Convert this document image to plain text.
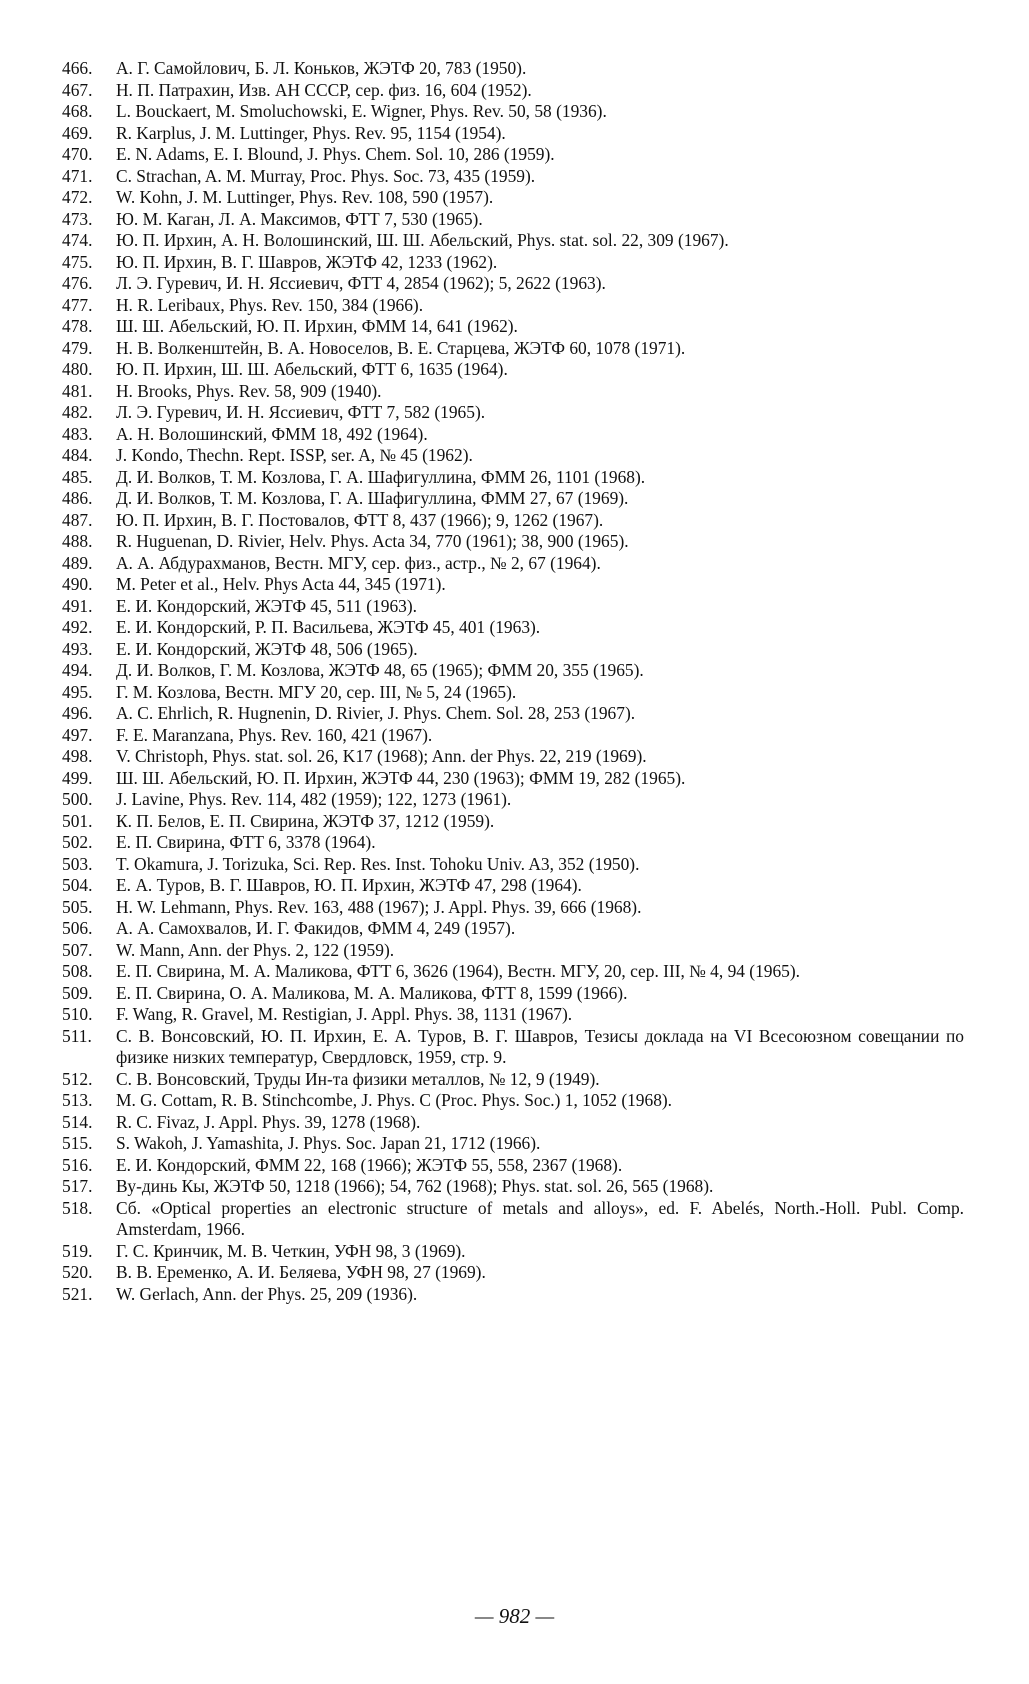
466.	А. Г. Самойлович, Б. Л. Коньков, ЖЭТФ 20, 783 (1950).
467.	Н. П. Патрахин, Изв. АН СССР, сер. физ. 16, 604 (1952).
468.	L. Bouckaert, M. Smoluchowski, E. Wigner, Phys. Rev. 50, 58 (1936).
469.	R. Karplus, J. M. Luttinger, Phys. Rev. 95, 1154 (1954).
470.	E. N. Adams, E. I. Blound, J. Phys. Chem. Sol. 10, 286 (1959).
471.	C. Strachan, A. M. Murray, Proc. Phys. Soc. 73, 435 (1959).
472.	W. Kohn, J. M. Luttinger, Phys. Rev. 108, 590 (1957).
473.	Ю. М. Каган, Л. А. Максимов, ФТТ 7, 530 (1965).
474.	Ю. П. Ирхин, А. Н. Волошинский, Ш. Ш. Абельский, Phys. stat. sol. 22, 309 (1967).
475.	Ю. П. Ирхин, В. Г. Шавров, ЖЭТФ 42, 1233 (1962).
476.	Л. Э. Гуревич, И. Н. Яссиевич, ФТТ 4, 2854 (1962); 5, 2622 (1963).
477.	H. R. Leribaux, Phys. Rev. 150, 384 (1966).
478.	Ш. Ш. Абельский, Ю. П. Ирхин, ФММ 14, 641 (1962).
479.	Н. В. Волкенштейн, В. А. Новоселов, В. Е. Старцева, ЖЭТФ 60, 1078 (1971).
480.	Ю. П. Ирхин, Ш. Ш. Абельский, ФТТ 6, 1635 (1964).
481.	H. Brooks, Phys. Rev. 58, 909 (1940).
482.	Л. Э. Гуревич, И. Н. Яссиевич, ФТТ 7, 582 (1965).
483.	А. Н. Волошинский, ФММ 18, 492 (1964).
484.	J. Kondo, Thechn. Rept. ISSP, ser. A, № 45 (1962).
485.	Д. И. Волков, Т. М. Козлова, Г. А. Шафигуллина, ФММ 26, 1101 (1968).
486.	Д. И. Волков, Т. М. Козлова, Г. А. Шафигуллина, ФММ 27, 67 (1969).
487.	Ю. П. Ирхин, В. Г. Постовалов, ФТТ 8, 437 (1966); 9, 1262 (1967).
488.	R. Huguenan, D. Rivier, Helv. Phys. Acta 34, 770 (1961); 38, 900 (1965).
489.	А. А. Абдурахманов, Вестн. МГУ, сер. физ., астр., № 2, 67 (1964).
490.	M. Peter et al., Helv. Phys Acta 44, 345 (1971).
491.	Е. И. Кондорский, ЖЭТФ 45, 511 (1963).
492.	Е. И. Кондорский, Р. П. Васильева, ЖЭТФ 45, 401 (1963).
493.	Е. И. Кондорский, ЖЭТФ 48, 506 (1965).
494.	Д. И. Волков, Г. М. Козлова, ЖЭТФ 48, 65 (1965); ФММ 20, 355 (1965).
495.	Г. М. Козлова, Вестн. МГУ 20, сер. III, № 5, 24 (1965).
496.	A. C. Ehrlich, R. Hugnenin, D. Rivier, J. Phys. Chem. Sol. 28, 253 (1967).
497.	F. E. Maranzana, Phys. Rev. 160, 421 (1967).
498.	V. Christoph, Phys. stat. sol. 26, K17 (1968); Ann. der Phys. 22, 219 (1969).
499.	Ш. Ш. Абельский, Ю. П. Ирхин, ЖЭТФ 44, 230 (1963); ФММ 19, 282 (1965).
500.	J. Lavine, Phys. Rev. 114, 482 (1959); 122, 1273 (1961).
501.	К. П. Белов, Е. П. Свирина, ЖЭТФ 37, 1212 (1959).
502.	Е. П. Свирина, ФТТ 6, 3378 (1964).
503.	T. Okamura, J. Torizuka, Sci. Rep. Res. Inst. Tohoku Univ. A3, 352 (1950).
504.	Е. А. Туров, В. Г. Шавров, Ю. П. Ирхин, ЖЭТФ 47, 298 (1964).
505.	H. W. Lehmann, Phys. Rev. 163, 488 (1967); J. Appl. Phys. 39, 666 (1968).
506.	А. А. Самохвалов, И. Г. Факидов, ФММ 4, 249 (1957).
507.	W. Mann, Ann. der Phys. 2, 122 (1959).
508.	Е. П. Свирина, М. А. Маликова, ФТТ 6, 3626 (1964), Вестн. МГУ, 20, сер. III, № 4, 94 (1965).
509.	Е. П. Свирина, О. А. Маликова, М. А. Маликова, ФТТ 8, 1599 (1966).
510.	F. Wang, R. Gravel, M. Restigian, J. Appl. Phys. 38, 1131 (1967).
511.	С. В. Вонсовский, Ю. П. Ирхин, Е. А. Туров, В. Г. Шавров, Тезисы доклада на VI Всесоюзном совещании по физике низких температур, Свердловск, 1959, стр. 9.
512.	С. В. Вонсовский, Труды Ин-та физики металлов, № 12, 9 (1949).
513.	M. G. Cottam, R. B. Stinchcombe, J. Phys. C (Proc. Phys. Soc.) 1, 1052 (1968).
514.	R. C. Fivaz, J. Appl. Phys. 39, 1278 (1968).
515.	S. Wakoh, J. Yamashita, J. Phys. Soc. Japan 21, 1712 (1966).
516.	Е. И. Кондорский, ФММ 22, 168 (1966); ЖЭТФ 55, 558, 2367 (1968).
517.	Ву-динь Кы, ЖЭТФ 50, 1218 (1966); 54, 762 (1968); Phys. stat. sol. 26, 565 (1968).
518.	Сб. «Optical properties an electronic structure of metals and alloys», ed. F. Abelés, North.-Holl. Publ. Comp. Amsterdam, 1966.
519.	Г. С. Кринчик, М. В. Четкин, УФН 98, 3 (1969).
520.	В. В. Еременко, А. И. Беляева, УФН 98, 27 (1969).
521.	W. Gerlach, Ann. der Phys. 25, 209 (1936).
— 982 —
